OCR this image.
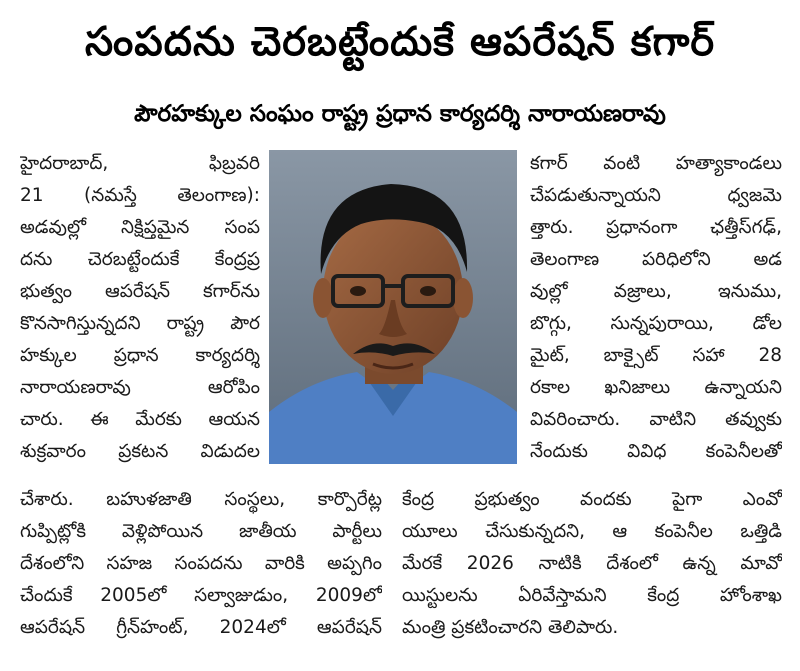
సంపదను చెరబట్టేందుకే ఆపరేషన్ కగార్
పౌరహక్కుల సంఘం రాష్ట్ర ప్రధాన కార్యదర్శి నారాయణరావు

హైదరాబాద్, ఫిబ్రవరి

21 (నమస్తే తెలంగాణ):

అడవుల్లో నిక్షిప్తమైన సంప

దను చెరబట్టేందుకే కేంద్రప్ర

భుత్వం ఆపరేషన్ కగార్‌ను

కొనసాగిస్తున్నదని రాష్ట్ర పౌర

హక్కుల ప్రధాన కార్యదర్శి

నారాయణరావు ఆరోపిం

చారు. ఈ మేరకు ఆయన

శుక్రవారం ప్రకటన విడుదల

కగార్ వంటి హత్యాకాండలు

చేపడుతున్నాయని ధ్వజమె

త్తారు. ప్రధానంగా ఛత్తీస్‌గఢ్,

తెలంగాణ పరిధిలోని అడ

వుల్లో వజ్రాలు, ఇనుము,

బొగ్గు, సున్నపురాయి, డోల

మైట్, బాక్సైట్ సహా 28

రకాల ఖనిజాలు ఉన్నాయని

వివరించారు. వాటిని తవ్వుకు

నేందుకు వివిధ కంపెనీలతో

చేశారు. బహుళజాతి సంస్థలు, కార్పొరేట్ల

గుప్పిట్లోకి వెళ్లిపోయిన జాతీయ పార్టీలు

దేశంలోని సహజ సంపదను వారికి అప్పగిం

చేందుకే 2005లో సల్వాజుడుం, 2009లో

ఆపరేషన్ గ్రీన్‌హంట్, 2024లో ఆపరేషన్

కేంద్ర ప్రభుత్వం వందకు పైగా ఎంవో

యూలు చేసుకున్నదని, ఆ కంపెనీల ఒత్తిడి

మేరకే 2026 నాటికి దేశంలో ఉన్న మావో

యిస్టులను ఏరివేస్తామని కేంద్ర హోంశాఖ

మంత్రి ప్రకటించారని తెలిపారు.
